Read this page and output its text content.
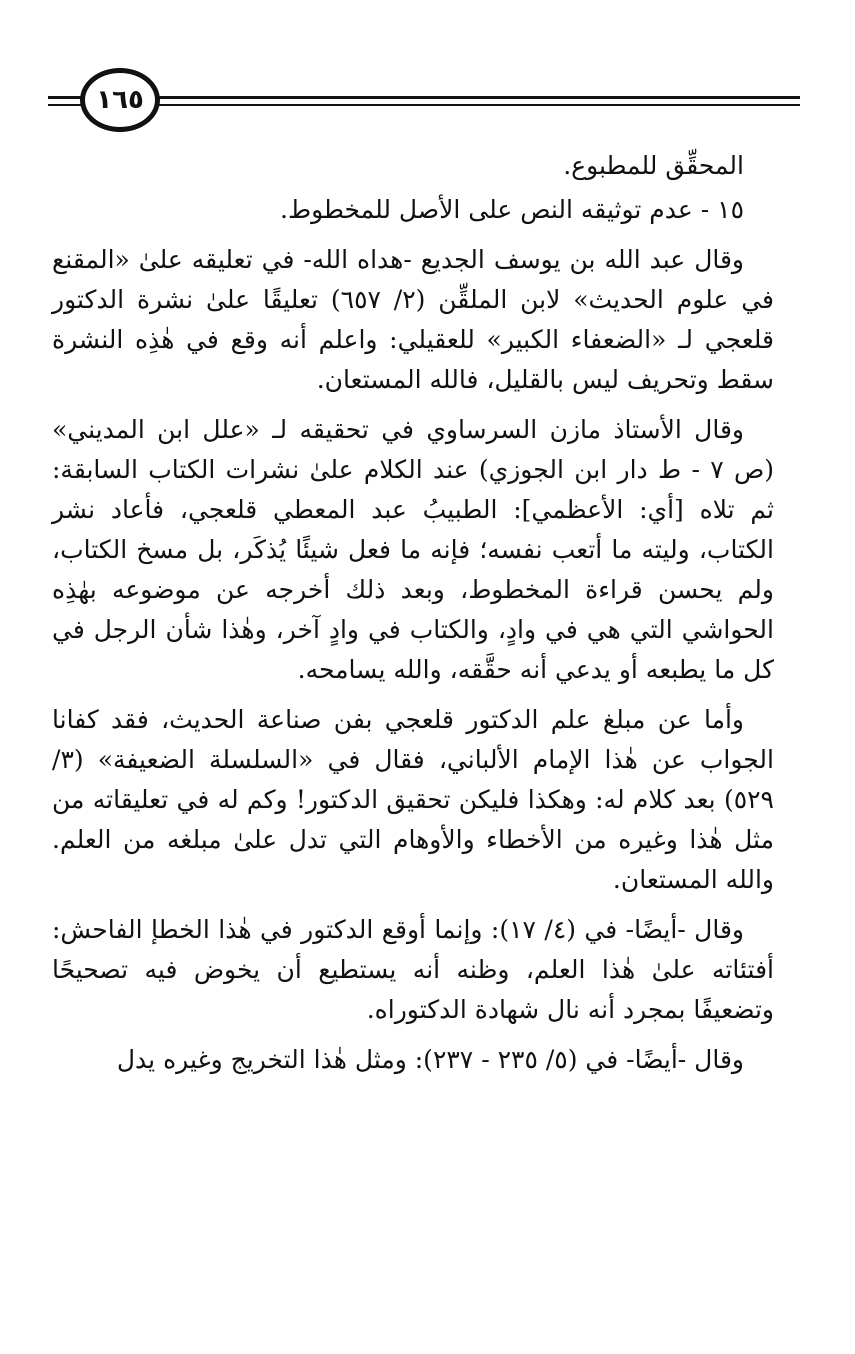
١٦٥

المحقِّق للمطبوع.

١٥ - عدم توثيقه النص على الأصل للمخطوط.

وقال عبد الله بن يوسف الجديع -هداه الله- في تعليقه علىٰ «المقنع في علوم الحديث» لابن الملقِّن (٢/ ٦٥٧) تعليقًا علىٰ نشرة الدكتور قلعجي لـ «الضعفاء الكبير» للعقيلي: واعلم أنه وقع في هٰذِه النشرة سقط وتحريف ليس بالقليل، فالله المستعان.

وقال الأستاذ مازن السرساوي في تحقيقه لـ «علل ابن المديني» (ص ٧ - ط دار ابن الجوزي) عند الكلام علىٰ نشرات الكتاب السابقة: ثم تلاه [أي: الأعظمي]: الطبيبُ عبد المعطي قلعجي، فأعاد نشر الكتاب، وليته ما أتعب نفسه؛ فإنه ما فعل شيئًا يُذكَر، بل مسخ الكتاب، ولم يحسن قراءة المخطوط، وبعد ذلك أخرجه عن موضوعه بهٰذِه الحواشي التي هي في وادٍ، والكتاب في وادٍ آخر، وهٰذا شأن الرجل في كل ما يطبعه أو يدعي أنه حقَّقه، والله يسامحه.

وأما عن مبلغ علم الدكتور قلعجي بفن صناعة الحديث، فقد كفانا الجواب عن هٰذا الإمام الألباني، فقال في «السلسلة الضعيفة» (٣/ ٥٢٩) بعد كلام له: وهكذا فليكن تحقيق الدكتور! وكم له في تعليقاته من مثل هٰذا وغيره من الأخطاء والأوهام التي تدل علىٰ مبلغه من العلم. والله المستعان.

وقال -أيضًا- في (٤/ ١٧): وإنما أوقع الدكتور في هٰذا الخطإ الفاحش: أفتئاته علىٰ هٰذا العلم، وظنه أنه يستطيع أن يخوض فيه تصحيحًا وتضعيفًا بمجرد أنه نال شهادة الدكتوراه.

وقال -أيضًا- في (٥/ ٢٣٥ - ٢٣٧): ومثل هٰذا التخريج وغيره يدل
